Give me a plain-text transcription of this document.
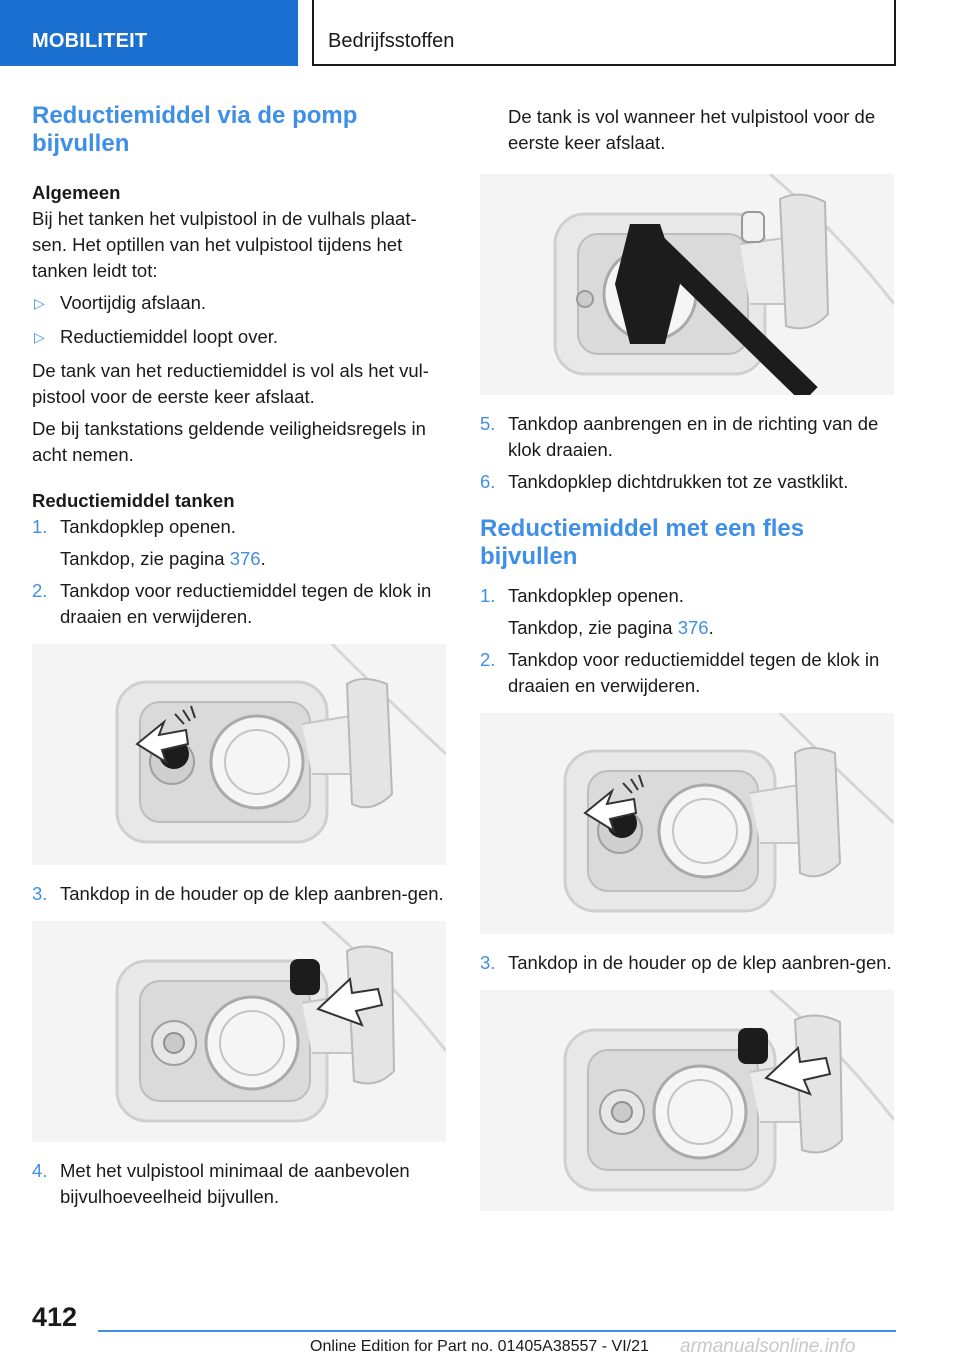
MOBILITEIT	Bedrijfsstoffen
Reductiemiddel via de pomp bijvullen
Algemeen

Bij het tanken het vulpistool in de vulhals plaat-sen. Het optillen van het vulpistool tijdens het tanken leidt tot:

▷ Voortijdig afslaan.
▷ Reductiemiddel loopt over.

De tank van het reductiemiddel is vol als het vul-pistool voor de eerste keer afslaat.

De bij tankstations geldende veiligheidsregels in acht nemen.

Reductiemiddel tanken
1. Tankdopklep openen.
Tankdop, zie pagina 376.
2. Tankdop voor reductiemiddel tegen de klok in draaien en verwijderen.
3. Tankdop in de houder op de klep aanbren-gen.
4. Met het vulpistool minimaal de aanbevolen bijvulhoeveelheid bijvullen.
De tank is vol wanneer het vulpistool voor de eerste keer afslaat.
5. Tankdop aanbrengen en in de richting van de klok draaien.
6. Tankdopklep dichtdrukken tot ze vastklikt.
Reductiemiddel met een fles bijvullen
1. Tankdopklep openen.
Tankdop, zie pagina 376.
2. Tankdop voor reductiemiddel tegen de klok in draaien en verwijderen.
3. Tankdop in de houder op de klep aanbren-gen.
412
Online Edition for Part no. 01405A38557 - VI/21 armanualsonline.info
